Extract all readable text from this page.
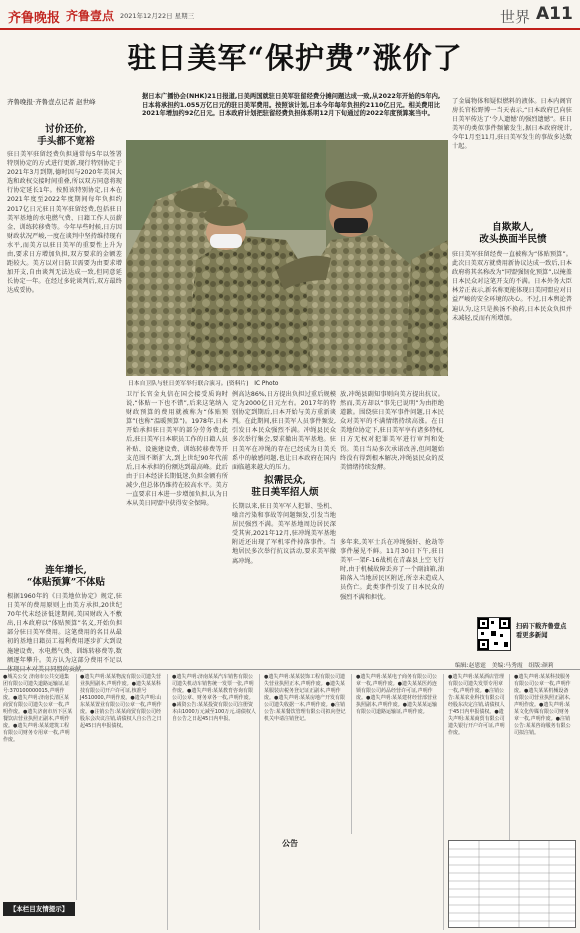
齐鲁晚报 齐鲁壹点 2021年12月22日 星期三	世界 A11
驻日美军“保护费”涨价了
齐鲁晚报·齐鲁壹点记者 赵世峰
据日本广播协会(NHK)21日报道,日美两国就驻日美军驻留经费分摊问题达成一致,从2022年开始的5年内,日本将承担约1.055万亿日元的驻日美军费用。按照该计划,日本今年每年负担约2110亿日元。相关费用比2021年增加约92亿日元。日本政府计划把驻留经费负担体系明12月下旬通过的2022年度预算案当中。
讨价还价,
手头都不宽裕
驻日美军驻留经费负担通常每5年以签署特别协定的方式进行更新,现行特别协定于2021年3月到期,德时因与2020年美国大选和政权交接时间重叠,所以双方同意将现行协定延长1年。按照该特别协定,日本在2021年度至2022年度期间每年负担约2017亿日元驻日美军驻留经费,包括驻日美军基地的水电燃气费、日籍工作人员薪金、训练转移费等。今年早些时候,日方因财政状况严峻,一度在谈判中坚持维持现有水平,而美方以驻日美军的重要性上升为由,要求日方增加负担,双方要求的金额差距较大。美方以对日防卫需要为由要求增加开支,自由谈判无法达成一致,但同意延长协定一年。在经过多轮谈判后,双方最终达成妥协。
连年增长,
“体贴预算”不体贴
根据1960年的《日美地位协定》规定,驻日美军的费用原则上由美方承担,20世纪70年代末经济低迷期间,美国财政入不敷出,日本政府以“体贴预算”名义,开始负担部分驻日美军费用。这笔费用的名目从最初的基地日籍员工福利费用逐步扩大到设施建设费、水电燃气费、训练转移费等,数额逐年攀升。美方认为这部分费用不足以体现日本对美日同盟的贡献。
日本自卫队与驻日美军举行联合演习。(资料片)　IC Photo
卫厅长官金丸信在国会接受质询时说,“体贴一下也不错”,后来这笔纳入财政预算的费用就被称为“体贴预算”(也称“温暖预算”)。1978年,日本开始承担驻日美军的部分劳务费;此后,驻日美军日本职员工作的日籍人员补贴、设施建设费、训练转移费等开支范围不断扩大,到上世纪90年代前后,日本承担的份额达到最高峰。此后由于日本经济长期低迷,负担金额有所减少,但总体仍维持在较高水平。美方一直要求日本进一步增加负担,认为日本从美日同盟中获得安全保障。
例高达86%,日方提出负担过重后规模定为2000亿日元左右。2017年的特别协定到期后,日本开始与美方重新谈判。在此期间,驻日美军人员事件频发,引发日本民众强烈不满。冲绳县民众多次举行集会,要求撤出美军基地。驻日美军在冲绳的存在已经成为日美关系中的敏感问题,也让日本政府在国内面临越来越大的压力。
拟需民众,
驻日美军招人烦
长期以来,驻日美军军人犯罪、坠机、噪音污染和事故等问题频发,引发当地居民强烈不满。美军基地周边居民深受其害,2021年12月,驻冲绳美军基地附近还出现了军机零件掉落事件。当地居民多次举行抗议活动,要求美军撤离冲绳。
放,冲绳县副知事则向美方提出抗议。然而,美方却以“事先已说明”为由拒绝道歉。围绕驻日美军事件问题,日本民众对美军的不满情绪持续高涨。在日美地位协定下,驻日美军享有诸多特权,日方无权对犯罪美军进行审判和处罚。美日当局多次承诺改善,但问题始终没有得到根本解决,冲绳县民众的反美情绪持续发酵。
多年来,美军士兵在冲绳强奸、抢劫等事件屡见不鲜。11月30日下午,驻日美军一架F-16战机在青森县上空飞行时,由于机械故障丢弃了一个副油箱,油箱落入当地居民区附近,所幸未造成人员伤亡。此类事件引发了日本民众的强烈不满和担忧。
了金属物体和疑似燃料的液体。日本内阁官房长官松野博一当天表示,“日本政府已向驻日美军传达了‘令人遗憾’的强烈遗憾”。驻日美军的类似事件频繁发生,据日本政府统计,今年1月至11月,驻日美军发生的事故多达数十起。
自欺欺人,
改头换面半民愤
驻日美军驻留经费一直被称为“体贴预算”。此次日美双方就费用新协议达成一致后,日本政府将其名称改为“同盟强韧化预算”,以掩盖日本民众对这笔开支的不满。日本外务大臣林芳正表示,新名称更能体现日美同盟应对日益严峻的安全环境的决心。不过,日本舆论普遍认为,这只是换汤不换药,日本民众负担并未减轻,反而有所增加。
扫码下载齐鲁壹点
看更多新闻
编辑:赵恩霆　美编:马秀霞　组版:颜莉
●城关公交 济南市公共交通集团有限公司遗失道路运输证,证号:370100000015,声明作废。●遗失声明:济南长清区某商贸有限公司遗失公章一枚,声明作废。●遗失济南市历下区某餐饮店营业执照正副本,声明作废。●遗失声明:某某建筑工程有限公司财务专用章一枚,声明作废。
【本栏目友情提示】
●遗失声明:某某物流有限公司遗失营业执照副本,声明作废。●遗失某某科技有限公司开户许可证,核准号J4510000,声明作废。●遗失声明:山东某某置业有限公司公章一枚,声明作废。●注销公告:某某商贸有限公司经股东会决议注销,请债权人自公告之日起45日内申报债权。
●遗失声明:济南某某汽车销售有限公司遗失机动车销售统一发票一张,声明作废。●遗失声明:某某教育咨询有限公司公章、财务章各一枚,声明作废。●减资公告:某某投资有限公司注册资本由1000万元减至100万元,请债权人自公告之日起45日内申报。
●遗失声明:某某装饰工程有限公司遗失营业执照正本,声明作废。●遗失某某服装店税务登记证正副本,声明作废。●遗失声明:某某房地产开发有限公司遗失收据一本,声明作废。●注销公告:某某餐饮管理有限公司拟向登记机关申请注销登记。
●遗失声明:某某电子商务有限公司公章一枚,声明作废。●遗失某某医药连锁有限公司药品经营许可证,声明作废。●遗失声明:某某建材经营部营业执照副本,声明作废。●遗失某某运输有限公司道路运输证,声明作废。
●遗失声明:某某酒店管理有限公司遗失发票专用章一枚,声明作废。●注销公告:某某农业科技有限公司经股东决定注销,请债权人于45日内申报债权。●遗失声明:某某商贸有限公司遗失银行开户许可证,声明作废。
●遗失声明:某某科技服务有限公司公章一枚,声明作废。●遗失某某机械设备有限公司营业执照正副本,声明作废。●遗失声明:某某文化传媒有限公司财务章一枚,声明作废。●注销公告:某某咨询服务有限公司拟注销。
公告
